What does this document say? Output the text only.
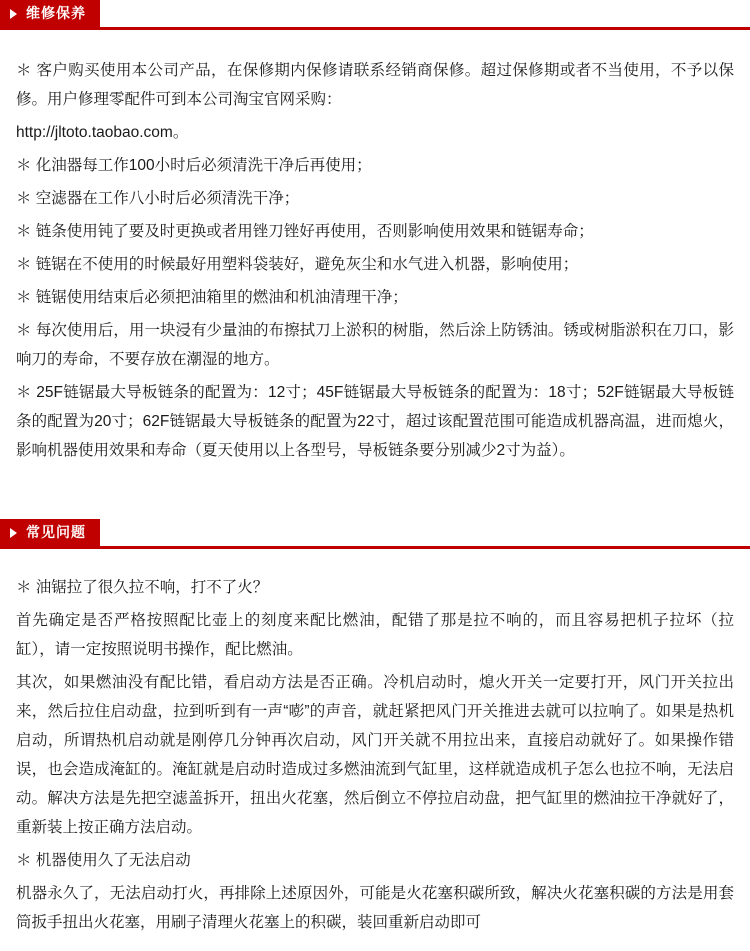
维修保养

＊ 客户购买使用本公司产品，在保修期内保修请联系经销商保修。超过保修期或者不当使用，不予以保修。用户修理零配件可到本公司淘宝官网采购：

http://jltoto.taobao.com。

＊ 化油器每工作100小时后必须清洗干净后再使用；

＊ 空滤器在工作八小时后必须清洗干净；

＊ 链条使用钝了要及时更换或者用锉刀锉好再使用，否则影响使用效果和链锯寿命；

＊ 链锯在不使用的时候最好用塑料袋装好，避免灰尘和水气进入机器，影响使用；

＊ 链锯使用结束后必须把油箱里的燃油和机油清理干净；

＊ 每次使用后，用一块浸有少量油的布擦拭刀上淤积的树脂，然后涂上防锈油。锈或树脂淤积在刀口，影响刀的寿命，不要存放在潮湿的地方。

＊ 25F链锯最大导板链条的配置为：12寸；45F链锯最大导板链条的配置为：18寸；52F链锯最大导板链条的配置为20寸；62F链锯最大导板链条的配置为22寸，超过该配置范围可能造成机器高温，进而熄火，影响机器使用效果和寿命（夏天使用以上各型号，导板链条要分别减少2寸为益）。

常见问题

＊ 油锯拉了很久拉不响，打不了火？

首先确定是否严格按照配比壶上的刻度来配比燃油，配错了那是拉不响的，而且容易把机子拉坏（拉缸），请一定按照说明书操作，配比燃油。

其次，如果燃油没有配比错，看启动方法是否正确。冷机启动时，熄火开关一定要打开，风门开关拉出来，然后拉住启动盘，拉到听到有一声“嘭”的声音，就赶紧把风门开关推进去就可以拉响了。如果是热机启动，所谓热机启动就是刚停几分钟再次启动，风门开关就不用拉出来，直接启动就好了。如果操作错误，也会造成淹缸的。淹缸就是启动时造成过多燃油流到气缸里，这样就造成机子怎么也拉不响，无法启动。解决方法是先把空滤盖拆开，扭出火花塞，然后倒立不停拉启动盘，把气缸里的燃油拉干净就好了，重新装上按正确方法启动。

＊ 机器使用久了无法启动

机器永久了，无法启动打火，再排除上述原因外，可能是火花塞积碳所致，解决火花塞积碳的方法是用套筒扳手扭出火花塞，用刷子清理火花塞上的积碳，装回重新启动即可
